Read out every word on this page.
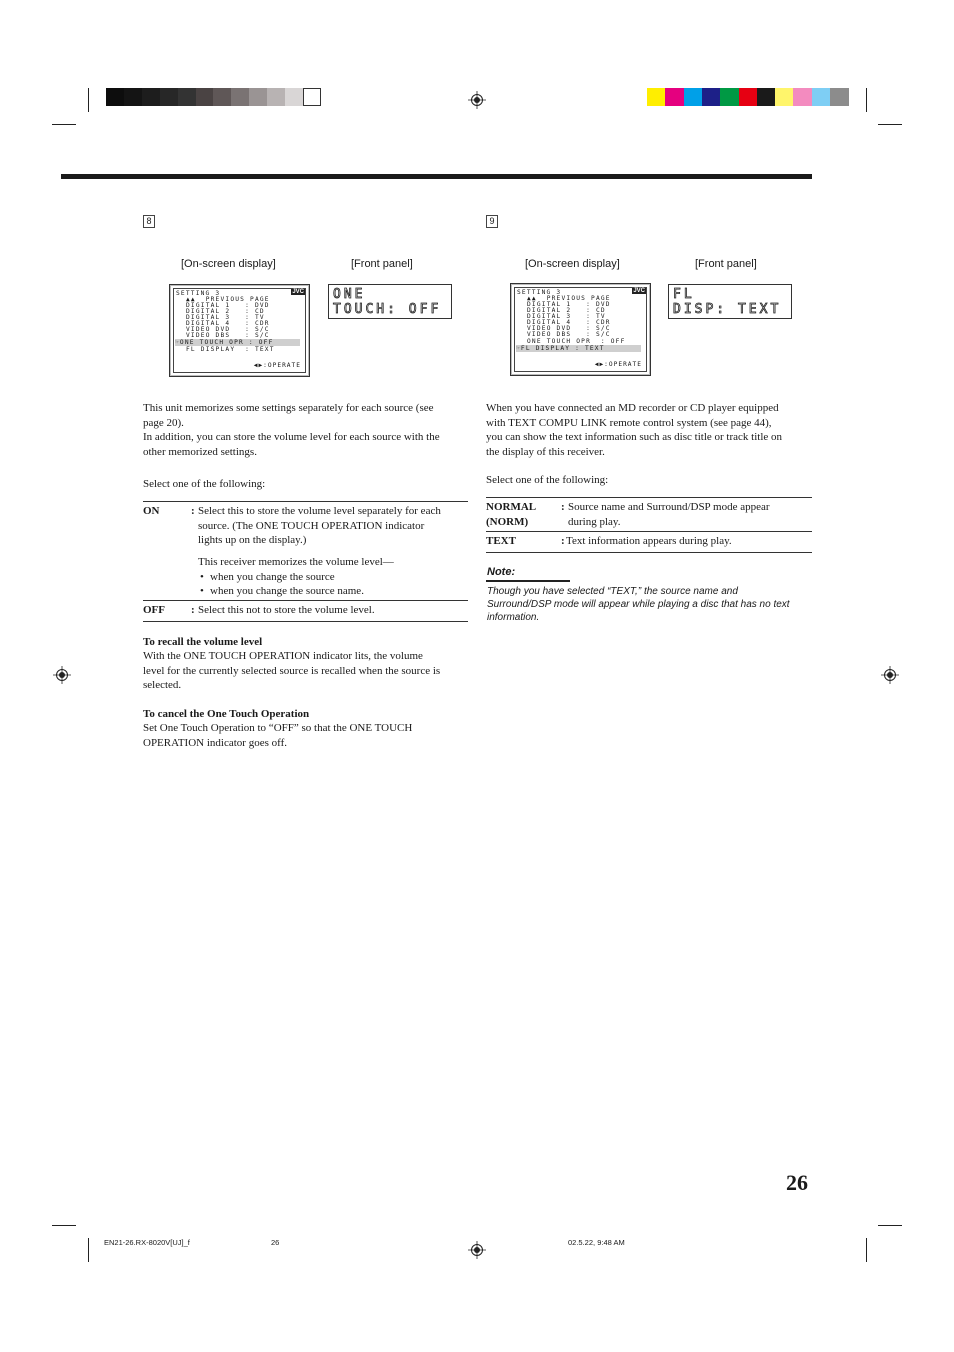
8
[On-screen display]	[Front panel]
SETTING 3	JVC
▲▲  PREVIOUS PAGE
DIGITAL 1   : DVD
DIGITAL 2   : CD
DIGITAL 3   : TV
DIGITAL 4   : CDR
VIDEO DVD   : S/C
VIDEO DBS   : S/C
☞ONE TOUCH OPR : OFF
FL DISPLAY  : TEXT
◀▶:OPERATE
ONE
TOUCH: OFF
This unit memorizes some settings separately for each source (see
page 20).
In addition, you can store the volume level for each source with the
other memorized settings.
Select one of the following:
ON	: Select this to store the volume level separately for each
source. (The ONE TOUCH OPERATION indicator
lights up on the display.)
This receiver memorizes the volume level—
• when you change the source
• when you change the source name.
OFF : Select this not to store the volume level.
To recall the volume level
With the ONE TOUCH OPERATION indicator lits, the volume
level for the currently selected source is recalled when the source is
selected.
To cancel the One Touch Operation
Set One Touch Operation to “OFF” so that the ONE TOUCH
OPERATION indicator goes off.
9
[On-screen display]	[Front panel]
SETTING 3	JVC
▲▲  PREVIOUS PAGE
DIGITAL 1   : DVD
DIGITAL 2   : CD
DIGITAL 3   : TV
DIGITAL 4   : CDR
VIDEO DVD   : S/C
VIDEO DBS   : S/C
ONE TOUCH OPR  : OFF
☞FL DISPLAY : TEXT
◀▶:OPERATE
FL
DISP: TEXT
When you have connected an MD recorder or CD player equipped
with TEXT COMPU LINK remote control system (see page 44),
you can show the text information such as disc title or track title on
the display of this receiver.
Select one of the following:
NORMAL
(NORM)
: Source name and Surround/DSP mode appear
during play.
TEXT	: Text information appears during play.
Note:
Though you have selected “TEXT,” the source name and
Surround/DSP mode will appear while playing a disc that has no text
information.
26
EN21-26.RX-8020V[UJ]_f	26	02.5.22, 9:48 AM
